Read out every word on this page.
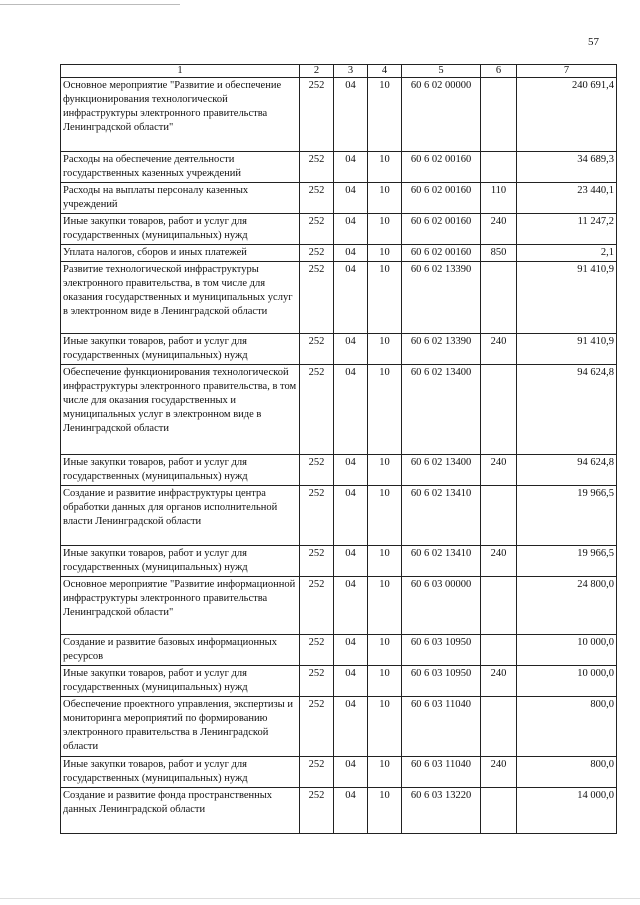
57
1	2	3	4	5	6	7
Основное мероприятие "Развитие и обеспечение функционирования технологической инфраструктуры электронного правительства Ленинградской области"	252	04	10	60 6 02 00000		240 691,4
Расходы на обеспечение деятельности государственных казенных учреждений	252	04	10	60 6 02 00160		34 689,3
Расходы на выплаты персоналу казенных учреждений	252	04	10	60 6 02 00160	110	23 440,1
Иные закупки товаров, работ и услуг для государственных (муниципальных) нужд	252	04	10	60 6 02 00160	240	11 247,2
Уплата налогов, сборов и иных платежей	252	04	10	60 6 02 00160	850	2,1
Развитие технологической инфраструктуры электронного правительства, в том числе для оказания государственных и муниципальных услуг в электронном виде в Ленинградской области	252	04	10	60 6 02 13390		91 410,9
Иные закупки товаров, работ и услуг для государственных (муниципальных) нужд	252	04	10	60 6 02 13390	240	91 410,9
Обеспечение функционирования технологической инфраструктуры электронного правительства, в том числе для оказания государственных и муниципальных услуг в электронном виде в Ленинградской области	252	04	10	60 6 02 13400		94 624,8
Иные закупки товаров, работ и услуг для государственных (муниципальных) нужд	252	04	10	60 6 02 13400	240	94 624,8
Создание и развитие инфраструктуры центра обработки данных для органов исполнительной власти Ленинградской области	252	04	10	60 6 02 13410		19 966,5
Иные закупки товаров, работ и услуг для государственных (муниципальных) нужд	252	04	10	60 6 02 13410	240	19 966,5
Основное мероприятие "Развитие информационной инфраструктуры электронного правительства Ленинградской области"	252	04	10	60 6 03 00000		24 800,0
Создание и развитие базовых информационных ресурсов	252	04	10	60 6 03 10950		10 000,0
Иные закупки товаров, работ и услуг для государственных (муниципальных) нужд	252	04	10	60 6 03 10950	240	10 000,0
Обеспечение проектного управления, экспертизы и мониторинга мероприятий по формированию электронного правительства в Ленинградской области	252	04	10	60 6 03 11040		800,0
Иные закупки товаров, работ и услуг для государственных (муниципальных) нужд	252	04	10	60 6 03 11040	240	800,0
Создание и развитие фонда пространственных данных Ленинградской области	252	04	10	60 6 03 13220		14 000,0
